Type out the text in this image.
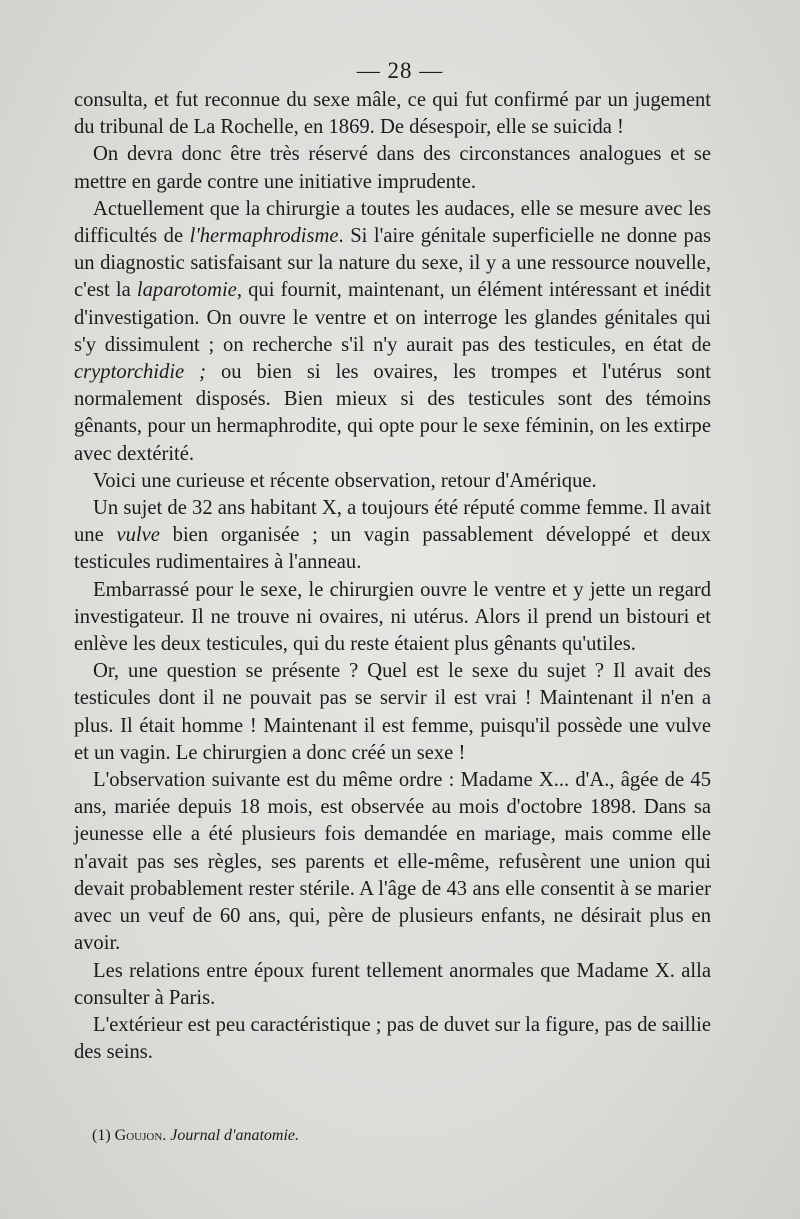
— 28 —

consulta, et fut reconnue du sexe mâle, ce qui fut confirmé par un jugement du tribunal de La Rochelle, en 1869. De désespoir, elle se suicida !

On devra donc être très réservé dans des circonstances analogues et se mettre en garde contre une initiative imprudente.

Actuellement que la chirurgie a toutes les audaces, elle se mesure avec les difficultés de l'hermaphrodisme. Si l'aire génitale superficielle ne donne pas un diagnostic satisfaisant sur la nature du sexe, il y a une ressource nouvelle, c'est la laparotomie, qui fournit, maintenant, un élément intéressant et inédit d'investigation. On ouvre le ventre et on interroge les glandes génitales qui s'y dissimulent ; on recherche s'il n'y aurait pas des testicules, en état de cryptorchidie ; ou bien si les ovaires, les trompes et l'utérus sont normalement disposés. Bien mieux si des testicules sont des témoins gênants, pour un hermaphrodite, qui opte pour le sexe féminin, on les extirpe avec dextérité.

Voici une curieuse et récente observation, retour d'Amérique.

Un sujet de 32 ans habitant X, a toujours été réputé comme femme. Il avait une vulve bien organisée ; un vagin passablement développé et deux testicules rudimentaires à l'anneau.

Embarrassé pour le sexe, le chirurgien ouvre le ventre et y jette un regard investigateur. Il ne trouve ni ovaires, ni utérus. Alors il prend un bistouri et enlève les deux testicules, qui du reste étaient plus gênants qu'utiles.

Or, une question se présente ? Quel est le sexe du sujet ? Il avait des testicules dont il ne pouvait pas se servir il est vrai ! Maintenant il n'en a plus. Il était homme ! Maintenant il est femme, puisqu'il possède une vulve et un vagin. Le chirurgien a donc créé un sexe !

L'observation suivante est du même ordre : Madame X... d'A., âgée de 45 ans, mariée depuis 18 mois, est observée au mois d'octobre 1898. Dans sa jeunesse elle a été plusieurs fois demandée en mariage, mais comme elle n'avait pas ses règles, ses parents et elle-même, refusèrent une union qui devait probablement rester stérile. A l'âge de 43 ans elle consentit à se marier avec un veuf de 60 ans, qui, père de plusieurs enfants, ne désirait plus en avoir.

Les relations entre époux furent tellement anormales que Madame X. alla consulter à Paris.

L'extérieur est peu caractéristique ; pas de duvet sur la figure, pas de saillie des seins.

(1) Goujon. Journal d'anatomie.
